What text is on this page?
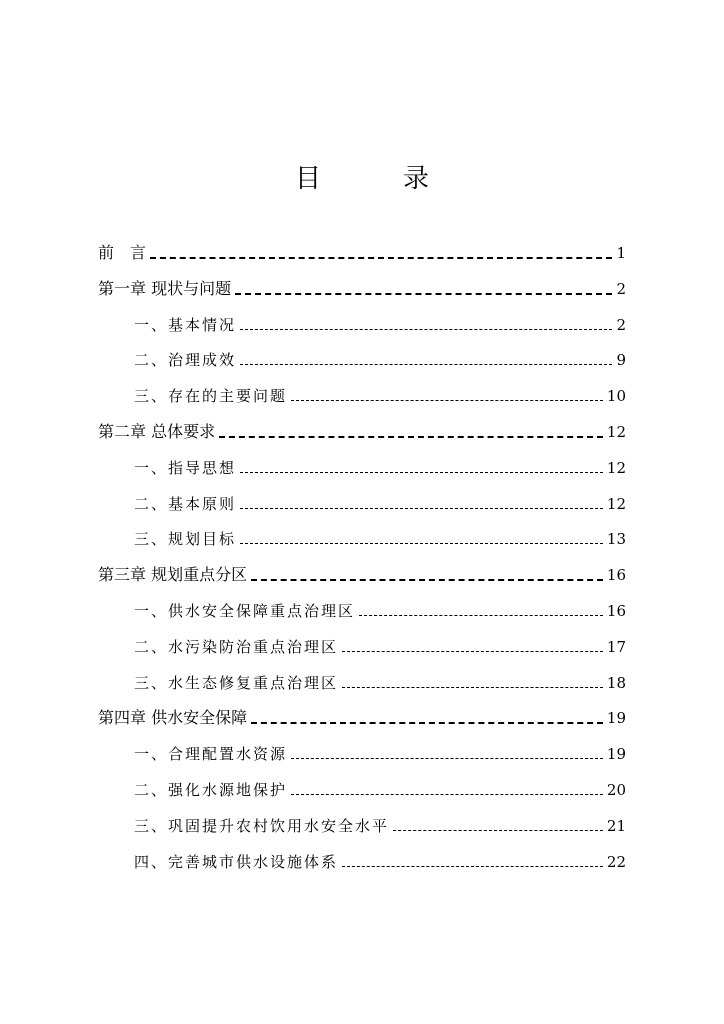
目　录
前　言	1
第一章 现状与问题	2
一、基本情况	2
二、治理成效	9
三、存在的主要问题	10
第二章 总体要求	12
一、指导思想	12
二、基本原则	12
三、规划目标	13
第三章 规划重点分区	16
一、供水安全保障重点治理区	16
二、水污染防治重点治理区	17
三、水生态修复重点治理区	18
第四章 供水安全保障	19
一、合理配置水资源	19
二、强化水源地保护	20
三、巩固提升农村饮用水安全水平	21
四、完善城市供水设施体系	22
